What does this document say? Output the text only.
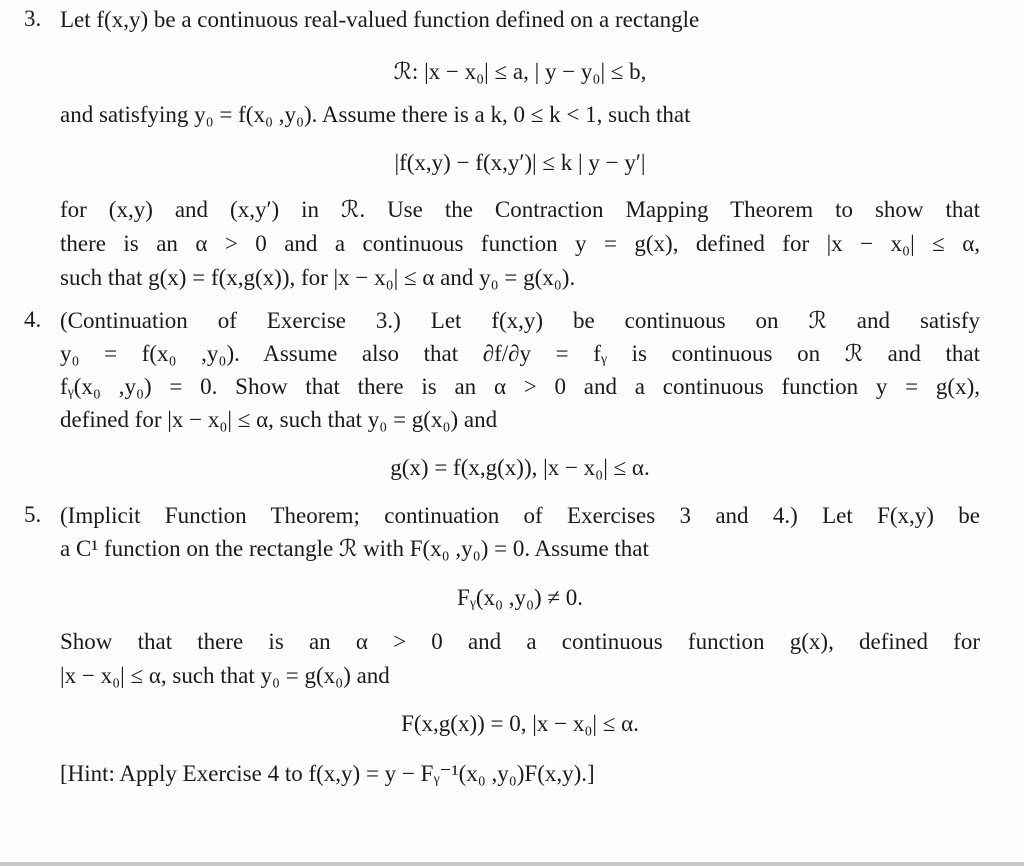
3. Let f(x,y) be a continuous real-valued function defined on a rectangle
ℛ: |x − x₀| ≤ a, | y − y₀| ≤ b,
and satisfying y₀ = f(x₀ ,y₀). Assume there is a k, 0 ≤ k < 1, such that
|f(x,y) − f(x,y′)| ≤ k | y − y′|
for (x,y) and (x,y′) in ℛ. Use the Contraction Mapping Theorem to show that
there is an α > 0 and a continuous function y = g(x), defined for |x − x₀| ≤ α,
such that g(x) = f(x,g(x)), for |x − x₀| ≤ α and y₀ = g(x₀).
4. (Continuation of Exercise 3.) Let f(x,y) be continuous on ℛ and satisfy
y₀ = f(x₀ ,y₀). Assume also that ∂f/∂y = fᵧ is continuous on ℛ and that
fᵧ(x₀ ,y₀) = 0. Show that there is an α > 0 and a continuous function y = g(x),
defined for |x − x₀| ≤ α, such that y₀ = g(x₀) and
g(x) = f(x,g(x)), |x − x₀| ≤ α.
5. (Implicit Function Theorem; continuation of Exercises 3 and 4.) Let F(x,y) be
a C¹ function on the rectangle ℛ with F(x₀ ,y₀) = 0. Assume that
Fᵧ(x₀ ,y₀) ≠ 0.
Show that there is an α > 0 and a continuous function g(x), defined for
|x − x₀| ≤ α, such that y₀ = g(x₀) and
F(x,g(x)) = 0, |x − x₀| ≤ α.
[Hint: Apply Exercise 4 to f(x,y) = y − Fᵧ⁻¹(x₀ ,y₀)F(x,y).]
